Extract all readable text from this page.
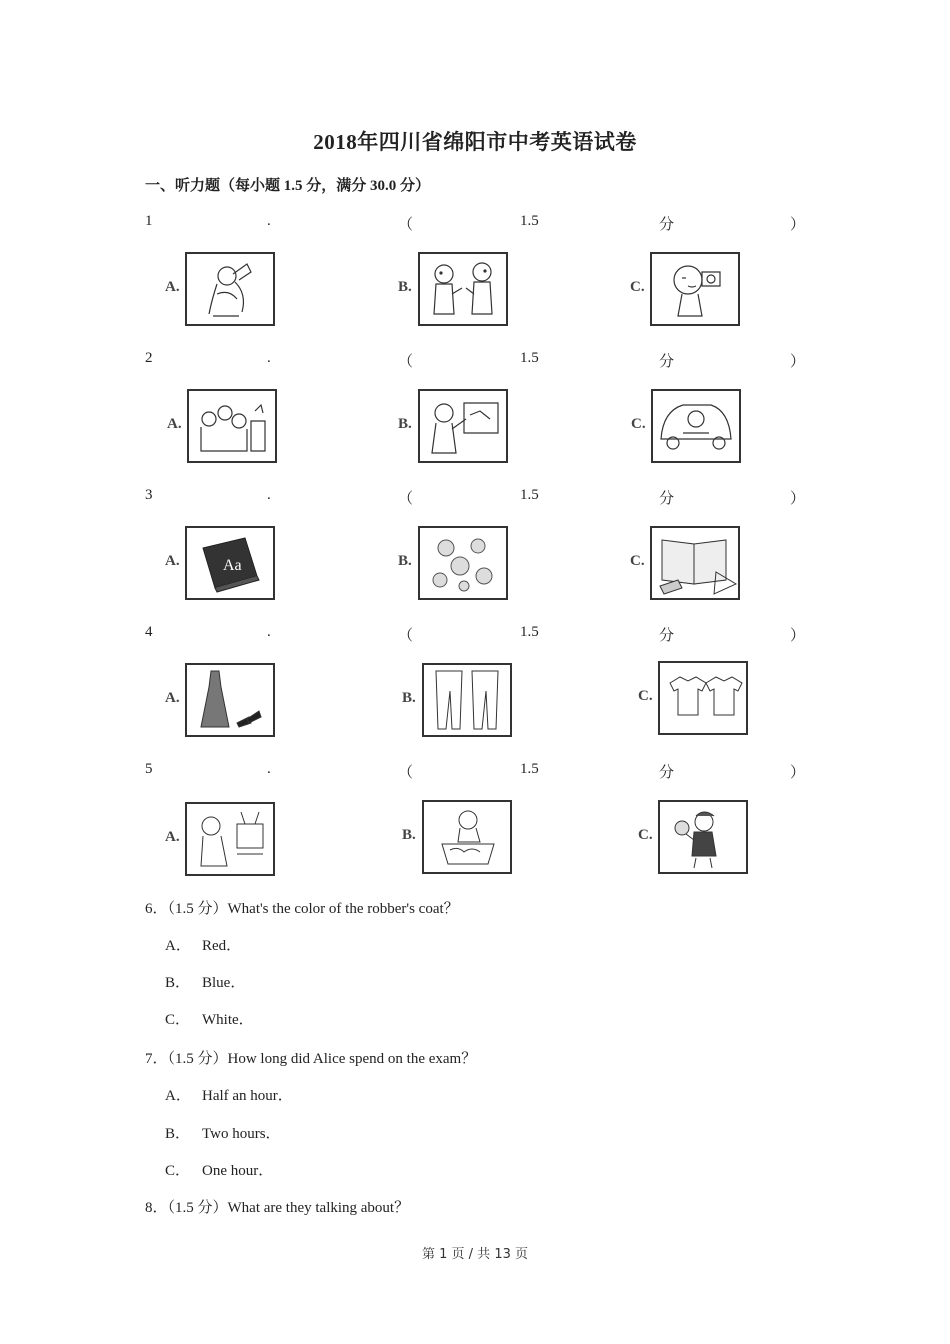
2018年四川省绵阳市中考英语试卷
一、听力题（每小题 1.5 分，满分 30.0 分）
1	.	（	1.5	分	）
A.	B.	C.
2	.	（	1.5	分	）
A.	B.	C.
3	.	（	1.5	分	）
A.	Aa	B.	C.
4	.	（	1.5	分	）
A.	B.	C.
5	.	（	1.5	分	）
A.	B.	C.
6．（1.5 分）What's the color of the robber's coat？
A． Red．
B． Blue．
C． White．
7．（1.5 分）How long did Alice spend on the exam？
A． Half an hour．
B． Two hours．
C． One hour．
8．（1.5 分）What are they talking about？
第 1 页 / 共 13 页
